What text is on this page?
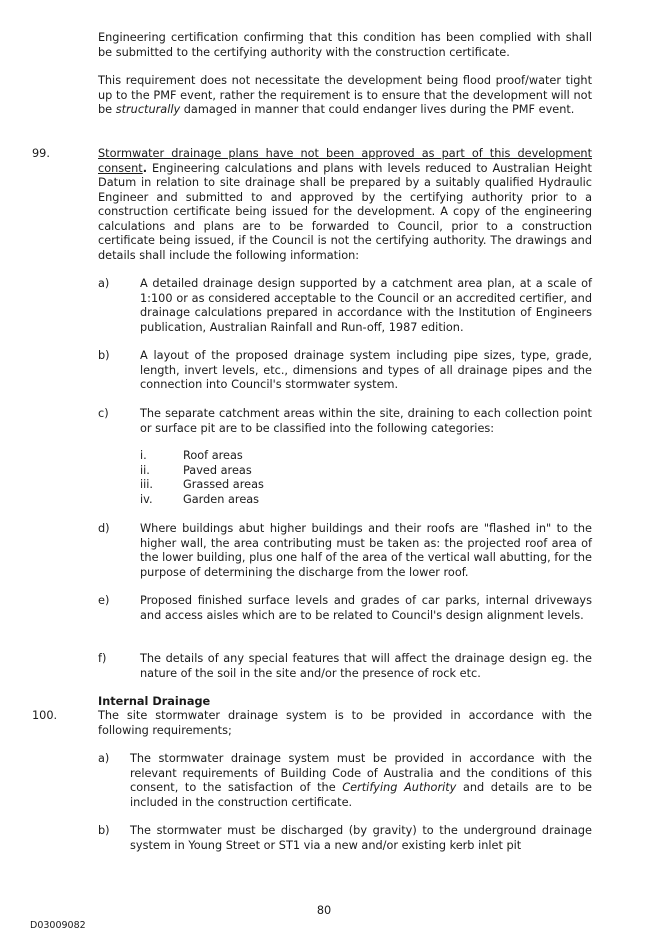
Engineering certification confirming that this condition has been complied with shall be submitted to the certifying authority with the construction certificate.

This requirement does not necessitate the development being flood proof/water tight up to the PMF event, rather the requirement is to ensure that the development will not be structurally damaged in manner that could endanger lives during the PMF event.

99.	Stormwater drainage plans have not been approved as part of this development consent. Engineering calculations and plans with levels reduced to Australian Height Datum in relation to site drainage shall be prepared by a suitably qualified Hydraulic Engineer and submitted to and approved by the certifying authority prior to a construction certificate being issued for the development. A copy of the engineering calculations and plans are to be forwarded to Council, prior to a construction certificate being issued, if the Council is not the certifying authority. The drawings and details shall include the following information:

a)	A detailed drainage design supported by a catchment area plan, at a scale of 1:100 or as considered acceptable to the Council or an accredited certifier, and drainage calculations prepared in accordance with the Institution of Engineers publication, Australian Rainfall and Run-off, 1987 edition.

b)	A layout of the proposed drainage system including pipe sizes, type, grade, length, invert levels, etc., dimensions and types of all drainage pipes and the connection into Council's stormwater system.

c)	The separate catchment areas within the site, draining to each collection point or surface pit are to be classified into the following categories:

i.	Roof areas
ii.	Paved areas
iii.	Grassed areas
iv.	Garden areas
d)	Where buildings abut higher buildings and their roofs are "flashed in" to the higher wall, the area contributing must be taken as: the projected roof area of the lower building, plus one half of the area of the vertical wall abutting, for the purpose of determining the discharge from the lower roof.

e)	Proposed finished surface levels and grades of car parks, internal driveways and access aisles which are to be related to Council's design alignment levels.

f)	The details of any special features that will affect the drainage design eg. the nature of the soil in the site and/or the presence of rock etc.

Internal Drainage
100.	The site stormwater drainage system is to be provided in accordance with the following requirements;

a) The stormwater drainage system must be provided in accordance with the relevant requirements of Building Code of Australia and the conditions of this consent, to the satisfaction of the Certifying Authority and details are to be included in the construction certificate.

b) The stormwater must be discharged (by gravity) to the underground drainage system in Young Street or ST1 via a new and/or existing kerb inlet pit

80
D03009082
